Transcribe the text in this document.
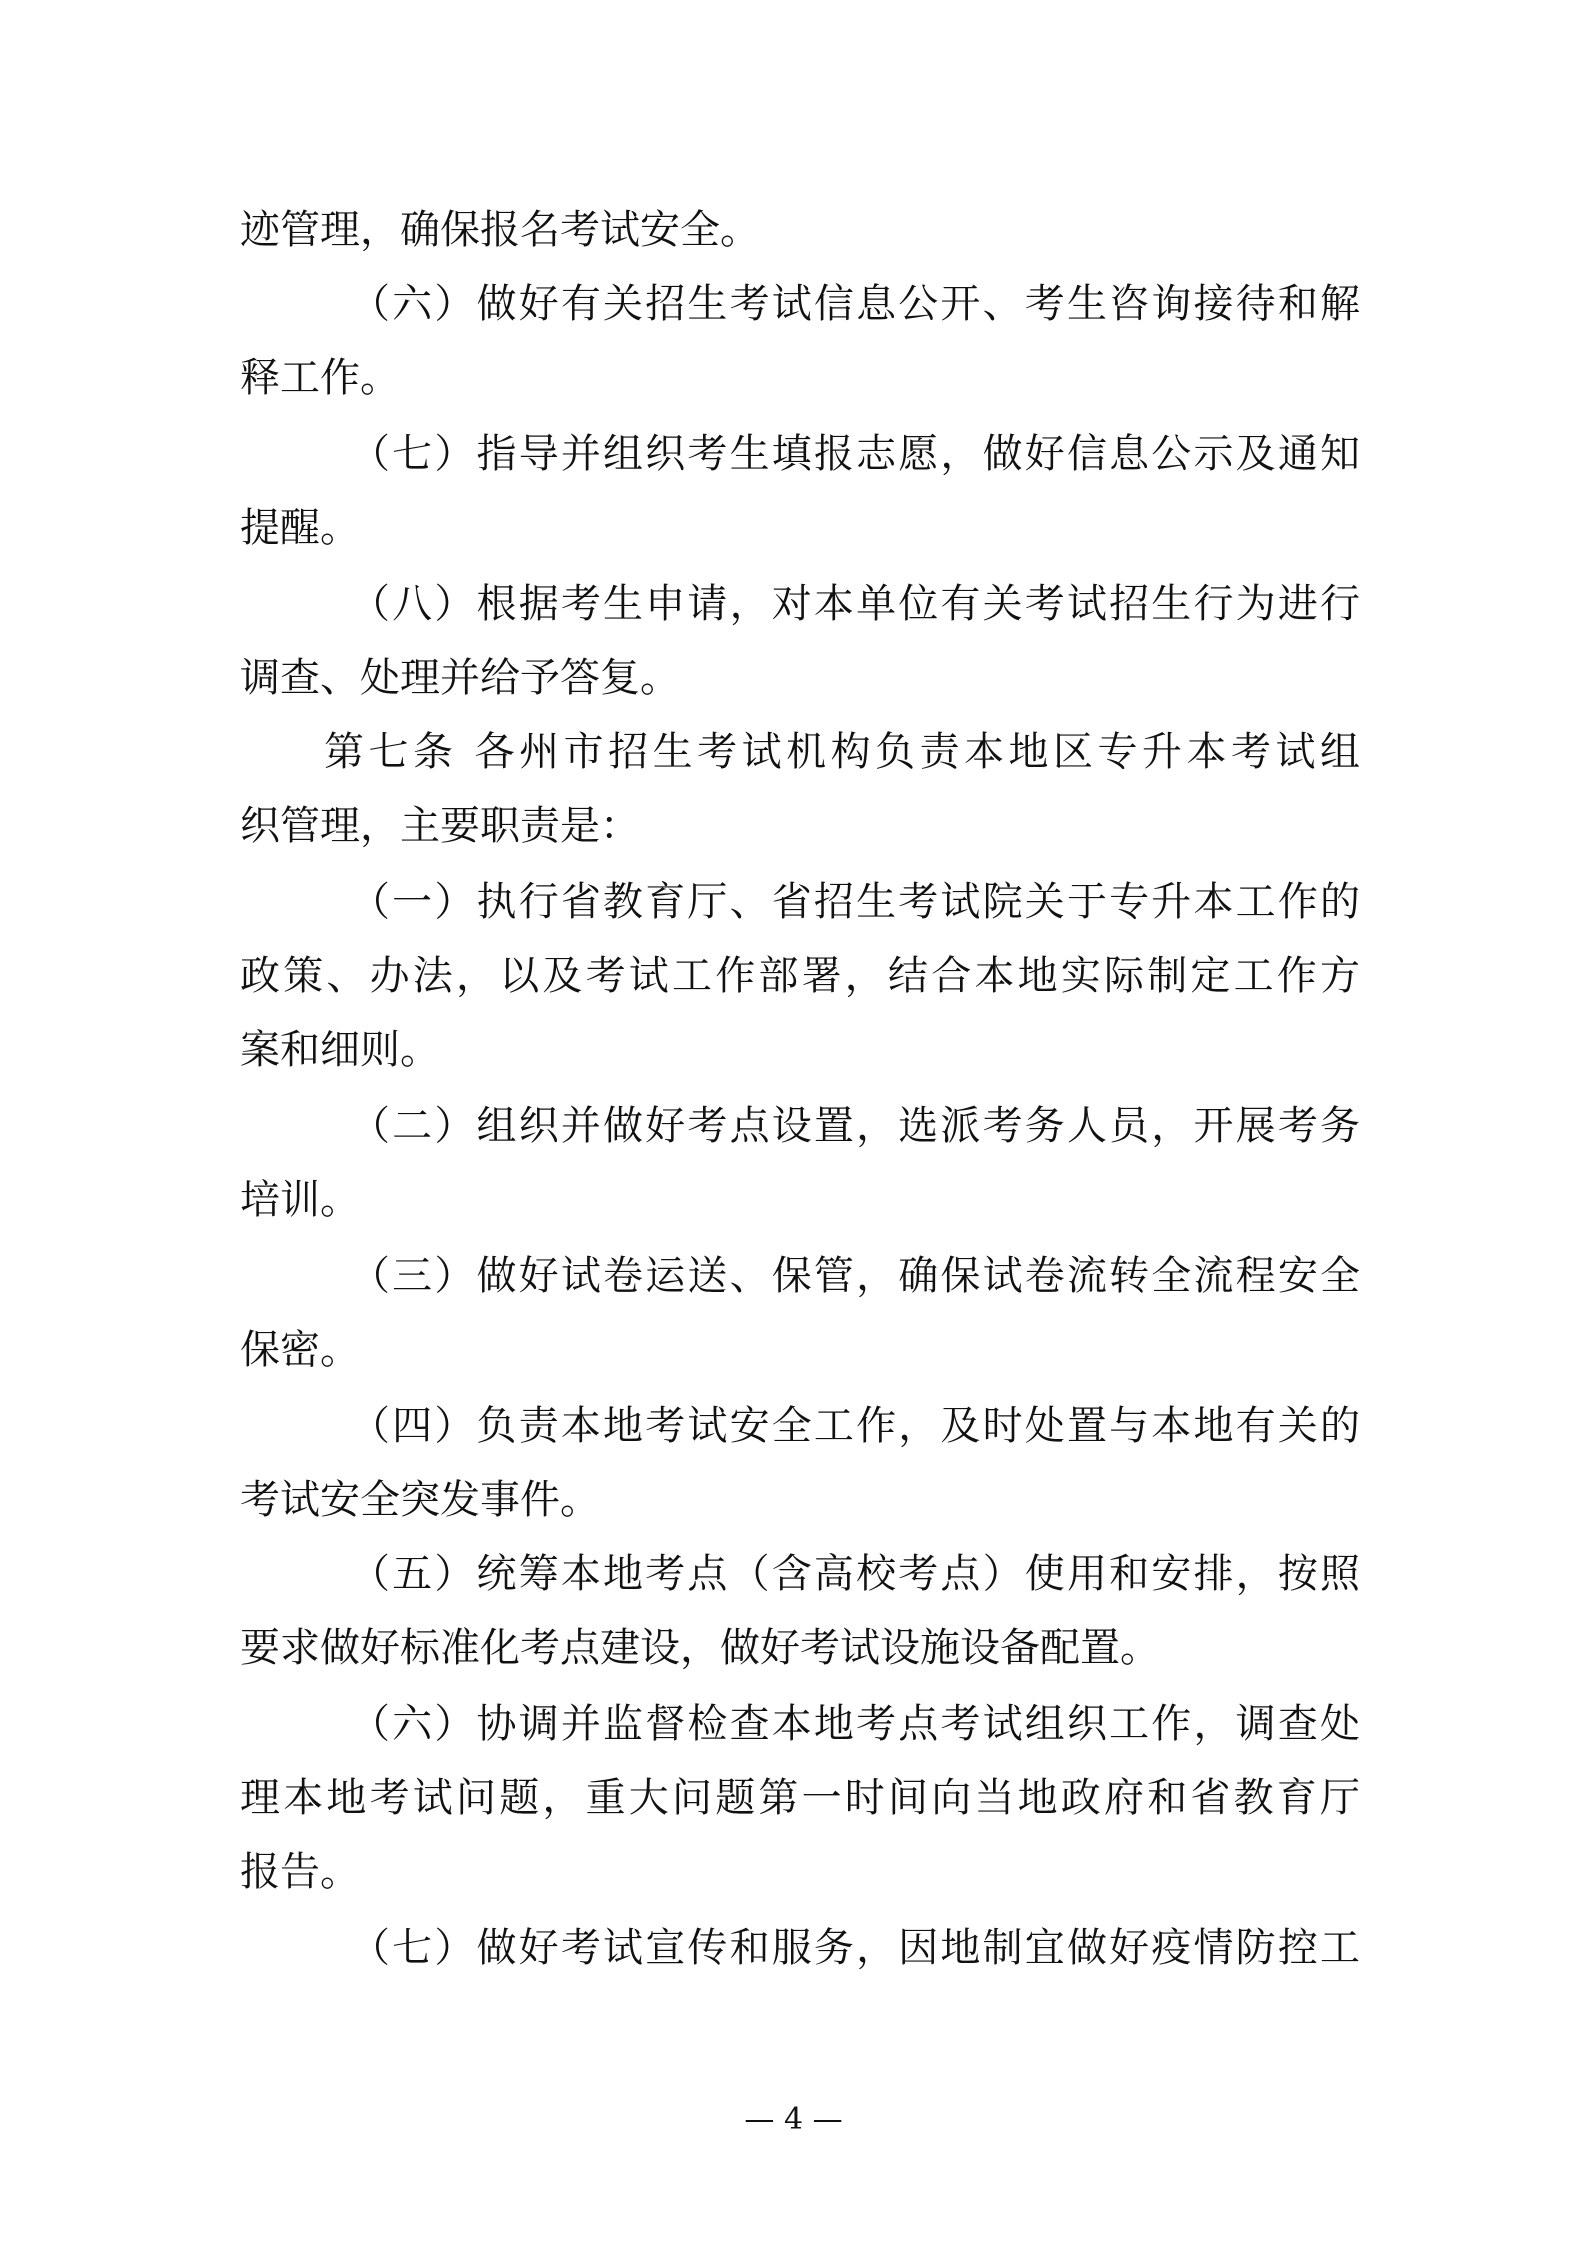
迹管理，确保报名考试安全。
（六）做好有关招生考试信息公开、考生咨询接待和解
释工作。
（七）指导并组织考生填报志愿，做好信息公示及通知
提醒。
（八）根据考生申请，对本单位有关考试招生行为进行
调查、处理并给予答复。
第七条 各州市招生考试机构负责本地区专升本考试组
织管理，主要职责是：
（一）执行省教育厅、省招生考试院关于专升本工作的
政策、办法，以及考试工作部署，结合本地实际制定工作方
案和细则。
（二）组织并做好考点设置，选派考务人员，开展考务
培训。
（三）做好试卷运送、保管，确保试卷流转全流程安全
保密。
（四）负责本地考试安全工作，及时处置与本地有关的
考试安全突发事件。
（五）统筹本地考点（含高校考点）使用和安排，按照
要求做好标准化考点建设，做好考试设施设备配置。
（六）协调并监督检查本地考点考试组织工作，调查处
理本地考试问题，重大问题第一时间向当地政府和省教育厅
报告。
（七）做好考试宣传和服务，因地制宜做好疫情防控工
— 4 —
